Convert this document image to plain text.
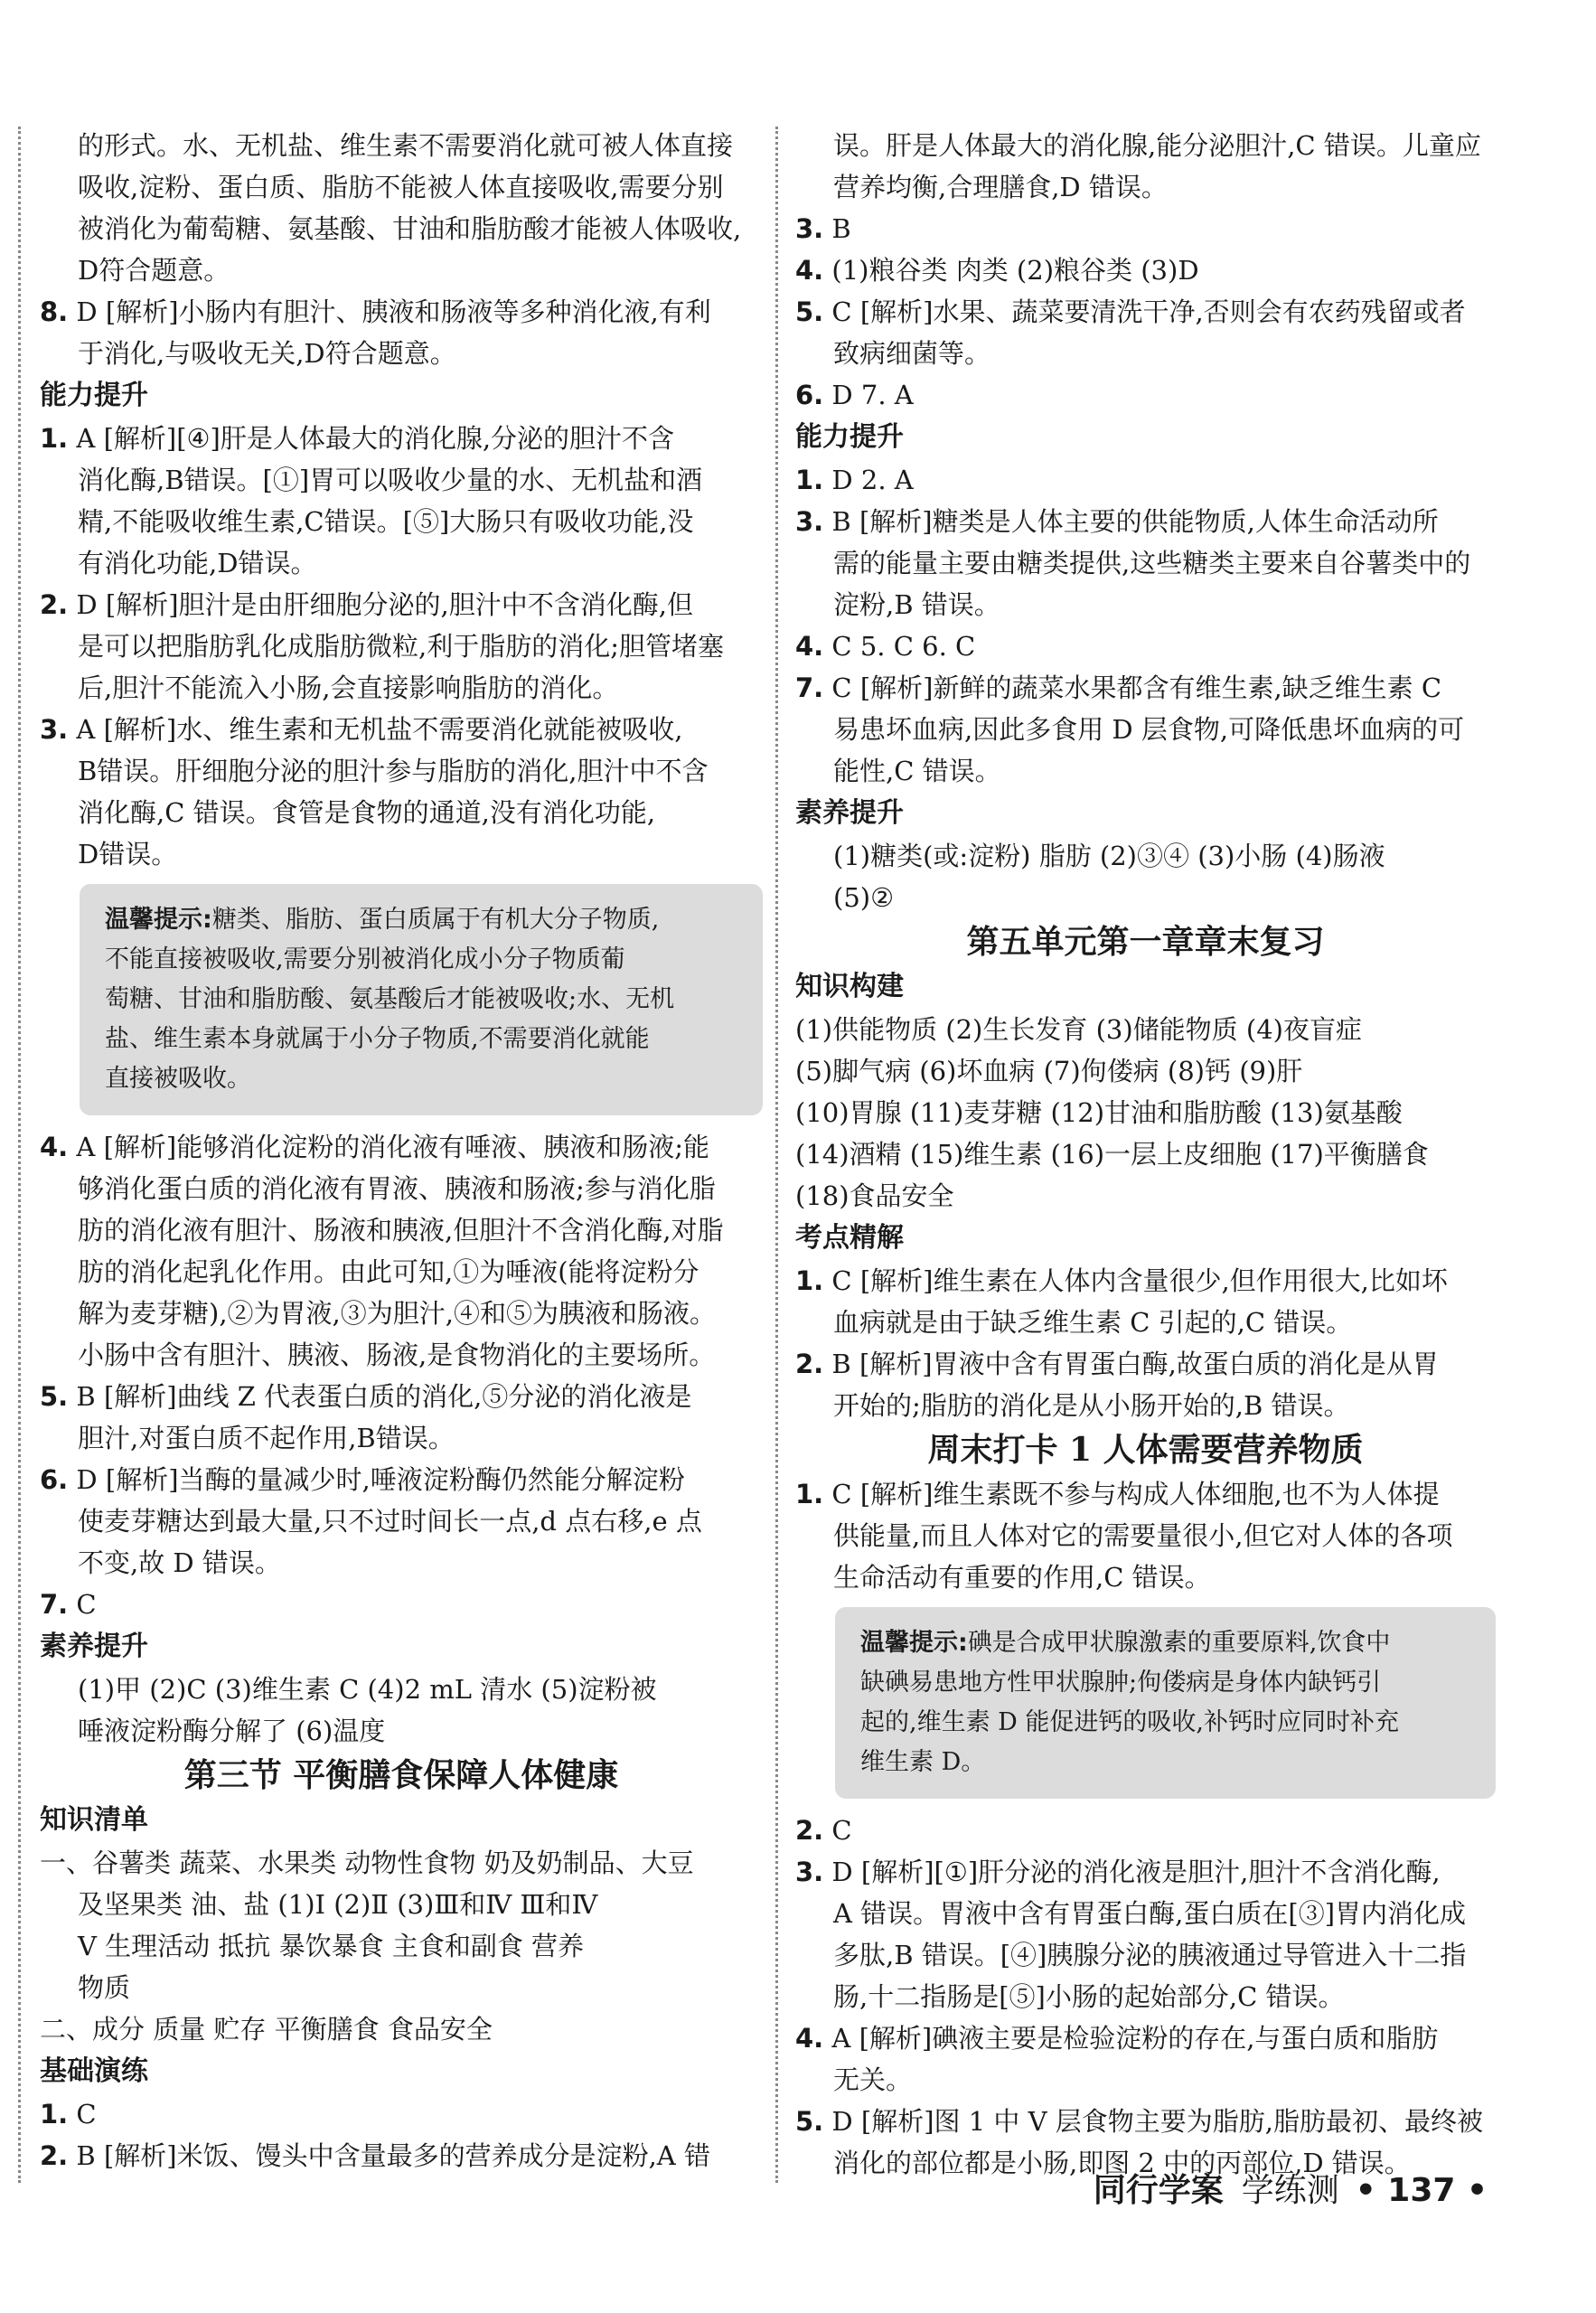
的形式。水、无机盐、维生素不需要消化就可被人体直接
吸收,淀粉、蛋白质、脂肪不能被人体直接吸收,需要分别
被消化为葡萄糖、氨基酸、甘油和脂肪酸才能被人体吸收,
D符合题意。
8. D [解析]小肠内有胆汁、胰液和肠液等多种消化液,有利
于消化,与吸收无关,D符合题意。
能力提升
1. A [解析][④]肝是人体最大的消化腺,分泌的胆汁不含
消化酶,B错误。[①]胃可以吸收少量的水、无机盐和酒
精,不能吸收维生素,C错误。[⑤]大肠只有吸收功能,没
有消化功能,D错误。
2. D [解析]胆汁是由肝细胞分泌的,胆汁中不含消化酶,但
是可以把脂肪乳化成脂肪微粒,利于脂肪的消化;胆管堵塞
后,胆汁不能流入小肠,会直接影响脂肪的消化。
3. A [解析]水、维生素和无机盐不需要消化就能被吸收,
B错误。肝细胞分泌的胆汁参与脂肪的消化,胆汁中不含
消化酶,C 错误。食管是食物的通道,没有消化功能,
D错误。
温馨提示:糖类、脂肪、蛋白质属于有机大分子物质,
不能直接被吸收,需要分别被消化成小分子物质葡
萄糖、甘油和脂肪酸、氨基酸后才能被吸收;水、无机
盐、维生素本身就属于小分子物质,不需要消化就能
直接被吸收。
4. A [解析]能够消化淀粉的消化液有唾液、胰液和肠液;能
够消化蛋白质的消化液有胃液、胰液和肠液;参与消化脂
肪的消化液有胆汁、肠液和胰液,但胆汁不含消化酶,对脂
肪的消化起乳化作用。由此可知,①为唾液(能将淀粉分
解为麦芽糖),②为胃液,③为胆汁,④和⑤为胰液和肠液。
小肠中含有胆汁、胰液、肠液,是食物消化的主要场所。
5. B [解析]曲线 Z 代表蛋白质的消化,⑤分泌的消化液是
胆汁,对蛋白质不起作用,B错误。
6. D [解析]当酶的量减少时,唾液淀粉酶仍然能分解淀粉
使麦芽糖达到最大量,只不过时间长一点,d 点右移,e 点
不变,故 D 错误。
7. C
素养提升
(1)甲 (2)C (3)维生素 C (4)2 mL 清水 (5)淀粉被
唾液淀粉酶分解了 (6)温度
第三节 平衡膳食保障人体健康
知识清单
一、谷薯类 蔬菜、水果类 动物性食物 奶及奶制品、大豆
及坚果类 油、盐 (1)Ⅰ (2)Ⅱ (3)Ⅲ和Ⅳ Ⅲ和Ⅳ
Ⅴ 生理活动 抵抗 暴饮暴食 主食和副食 营养
物质
二、成分 质量 贮存 平衡膳食 食品安全
基础演练
1. C
2. B [解析]米饭、馒头中含量最多的营养成分是淀粉,A 错
误。肝是人体最大的消化腺,能分泌胆汁,C 错误。儿童应
营养均衡,合理膳食,D 错误。
3. B
4. (1)粮谷类 肉类 (2)粮谷类 (3)D
5. C [解析]水果、蔬菜要清洗干净,否则会有农药残留或者
致病细菌等。
6. D 7. A
能力提升
1. D 2. A
3. B [解析]糖类是人体主要的供能物质,人体生命活动所
需的能量主要由糖类提供,这些糖类主要来自谷薯类中的
淀粉,B 错误。
4. C 5. C 6. C
7. C [解析]新鲜的蔬菜水果都含有维生素,缺乏维生素 C
易患坏血病,因此多食用 D 层食物,可降低患坏血病的可
能性,C 错误。
素养提升
(1)糖类(或:淀粉) 脂肪 (2)③④ (3)小肠 (4)肠液
(5)②
第五单元第一章章末复习
知识构建
(1)供能物质 (2)生长发育 (3)储能物质 (4)夜盲症
(5)脚气病 (6)坏血病 (7)佝偻病 (8)钙 (9)肝
(10)胃腺 (11)麦芽糖 (12)甘油和脂肪酸 (13)氨基酸
(14)酒精 (15)维生素 (16)一层上皮细胞 (17)平衡膳食
(18)食品安全
考点精解
1. C [解析]维生素在人体内含量很少,但作用很大,比如坏
血病就是由于缺乏维生素 C 引起的,C 错误。
2. B [解析]胃液中含有胃蛋白酶,故蛋白质的消化是从胃
开始的;脂肪的消化是从小肠开始的,B 错误。
周末打卡 1 人体需要营养物质
1. C [解析]维生素既不参与构成人体细胞,也不为人体提
供能量,而且人体对它的需要量很小,但它对人体的各项
生命活动有重要的作用,C 错误。
温馨提示:碘是合成甲状腺激素的重要原料,饮食中
缺碘易患地方性甲状腺肿;佝偻病是身体内缺钙引
起的,维生素 D 能促进钙的吸收,补钙时应同时补充
维生素 D。
2. C
3. D [解析][①]肝分泌的消化液是胆汁,胆汁不含消化酶,
A 错误。胃液中含有胃蛋白酶,蛋白质在[③]胃内消化成
多肽,B 错误。[④]胰腺分泌的胰液通过导管进入十二指
肠,十二指肠是[⑤]小肠的起始部分,C 错误。
4. A [解析]碘液主要是检验淀粉的存在,与蛋白质和脂肪
无关。
5. D [解析]图 1 中 Ⅴ 层食物主要为脂肪,脂肪最初、最终被
消化的部位都是小肠,即图 2 中的丙部位,D 错误。
同行学案 学练测 • 137 •
